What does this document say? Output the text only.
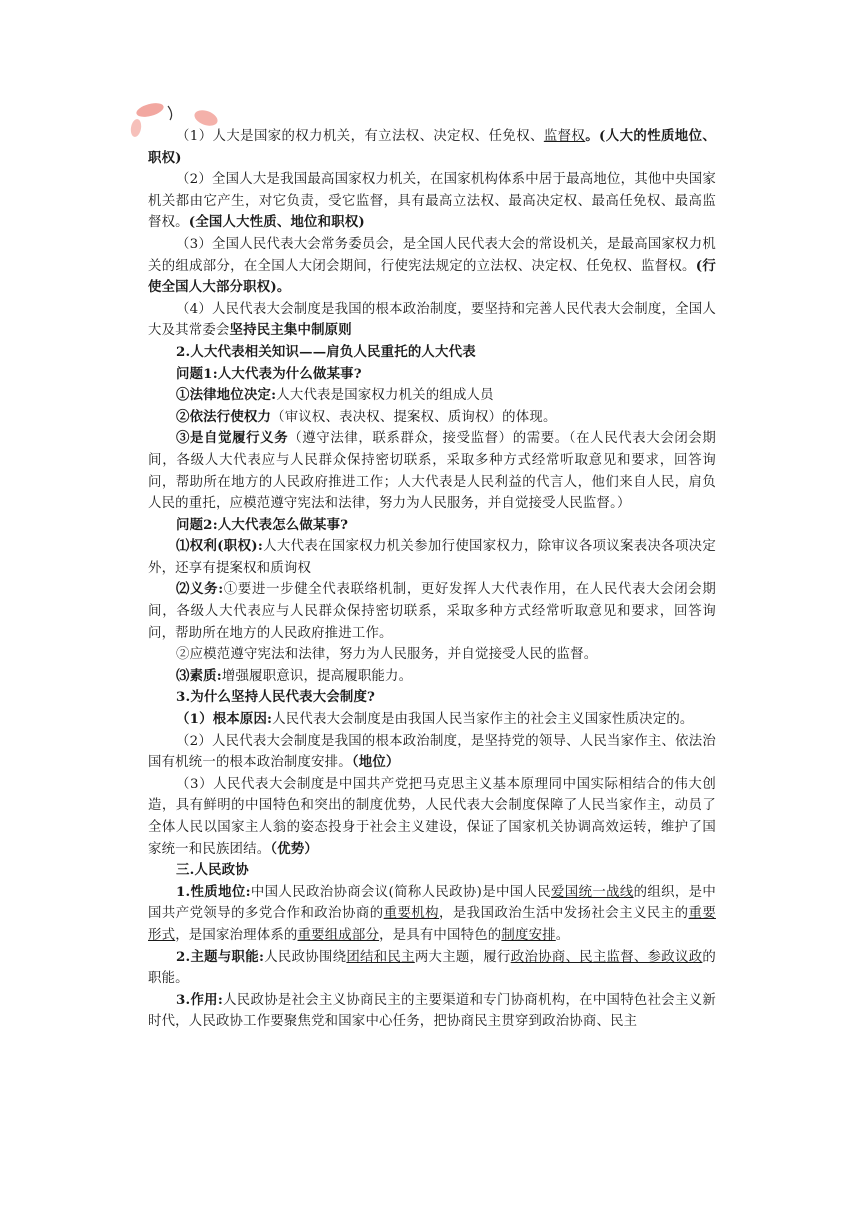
（1）人大是国家的权力机关，有立法权、决定权、任免权、监督权。(人大的性质地位、职权)

（2）全国人大是我国最高国家权力机关，在国家机构体系中居于最高地位，其他中央国家机关都由它产生，对它负责，受它监督，具有最高立法权、最高决定权、最高任免权、最高监督权。(全国人大性质、地位和职权)

（3）全国人民代表大会常务委员会，是全国人民代表大会的常设机关，是最高国家权力机关的组成部分，在全国人大闭会期间，行使宪法规定的立法权、决定权、任免权、监督权。(行使全国人大部分职权)。

（4）人民代表大会制度是我国的根本政治制度，要坚持和完善人民代表大会制度，全国人大及其常委会坚持民主集中制原则

2.人大代表相关知识——肩负人民重托的人大代表

问题1:人大代表为什么做某事?

①法律地位决定:人大代表是国家权力机关的组成人员

②依法行使权力（审议权、表决权、提案权、质询权）的体现。

③是自觉履行义务（遵守法律，联系群众，接受监督）的需要。（在人民代表大会闭会期间，各级人大代表应与人民群众保持密切联系，采取多种方式经常听取意见和要求，回答询问，帮助所在地方的人民政府推进工作；人大代表是人民利益的代言人，他们来自人民，肩负人民的重托，应模范遵守宪法和法律，努力为人民服务，并自觉接受人民监督。）

问题2:人大代表怎么做某事?

⑴权利(职权):人大代表在国家权力机关参加行使国家权力，除审议各项议案表决各项决定外，还享有提案权和质询权

⑵义务:①要进一步健全代表联络机制，更好发挥人大代表作用，在人民代表大会闭会期间，各级人大代表应与人民群众保持密切联系，采取多种方式经常听取意见和要求，回答询问，帮助所在地方的人民政府推进工作。

②应模范遵守宪法和法律，努力为人民服务，并自觉接受人民的监督。

⑶素质:增强履职意识，提高履职能力。

3.为什么坚持人民代表大会制度?

（1）根本原因:人民代表大会制度是由我国人民当家作主的社会主义国家性质决定的。

（2）人民代表大会制度是我国的根本政治制度，是坚持党的领导、人民当家作主、依法治国有机统一的根本政治制度安排。（地位）

（3）人民代表大会制度是中国共产党把马克思主义基本原理同中国实际相结合的伟大创造，具有鲜明的中国特色和突出的制度优势，人民代表大会制度保障了人民当家作主，动员了全体人民以国家主人翁的姿态投身于社会主义建设，保证了国家机关协调高效运转，维护了国家统一和民族团结。（优势）

三.人民政协

1.性质地位:中国人民政治协商会议(简称人民政协)是中国人民爱国统一战线的组织，是中国共产党领导的多党合作和政治协商的重要机构，是我国政治生活中发扬社会主义民主的重要形式，是国家治理体系的重要组成部分，是具有中国特色的制度安排。

2.主题与职能:人民政协围绕团结和民主两大主题，履行政治协商、民主监督、参政议政的职能。

3.作用:人民政协是社会主义协商民主的主要渠道和专门协商机构，在中国特色社会主义新时代，人民政协工作要聚焦党和国家中心任务，把协商民主贯穿到政治协商、民主
